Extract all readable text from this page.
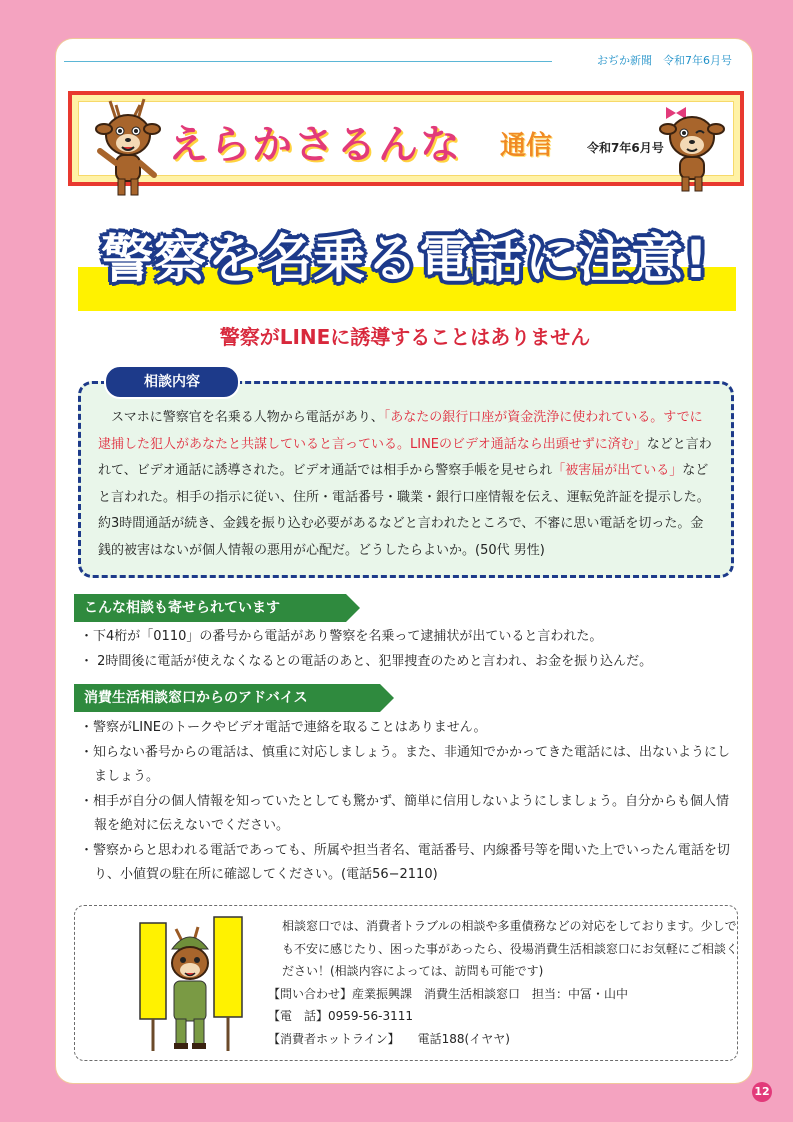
おぢか新聞　令和7年6月号
えらかさるんな 通信	令和7年6月号
警察を名乗る電話に注意!
警察がLINEに誘導することはありません
相談内容
　スマホに警察官を名乗る人物から電話があり、「あなたの銀行口座が資金洗浄に使われている。すでに逮捕した犯人があなたと共謀していると言っている。LINEのビデオ通話なら出頭せずに済む」などと言われて、ビデオ通話に誘導された。ビデオ通話では相手から警察手帳を見せられ「被害届が出ている」などと言われた。相手の指示に従い、住所・電話番号・職業・銀行口座情報を伝え、運転免許証を提示した。約3時間通話が続き、金銭を振り込む必要があるなどと言われたところで、不審に思い電話を切った。金銭的被害はないが個人情報の悪用が心配だ。どうしたらよいか。(50代 男性)
こんな相談も寄せられています
・下4桁が「0110」の番号から電話があり警察を名乗って逮捕状が出ていると言われた。
・ 2時間後に電話が使えなくなるとの電話のあと、犯罪捜査のためと言われ、お金を振り込んだ。
消費生活相談窓口からのアドバイス
・警察がLINEのトークやビデオ電話で連絡を取ることはありません。
・知らない番号からの電話は、慎重に対応しましょう。また、非通知でかかってきた電話には、出ないようにしましょう。
・相手が自分の個人情報を知っていたとしても驚かず、簡単に信用しないようにしましょう。自分からも個人情報を絶対に伝えないでください。
・警察からと思われる電話であっても、所属や担当者名、電話番号、内線番号等を聞いた上でいったん電話を切り、小値賀の駐在所に確認してください。(電話56−2110)
相談窓口では、消費者トラブルの相談や多重債務などの対応をしております。少しでも不安に感じたり、困った事があったら、役場消費生活相談窓口にお気軽にご相談ください！(相談内容によっては、訪問も可能です)
【問い合わせ】産業振興課　消費生活相談窓口　担当：中冨・山中
【電　話】0959-56-3111
【消費者ホットライン】　　電話188(イヤヤ)
12
